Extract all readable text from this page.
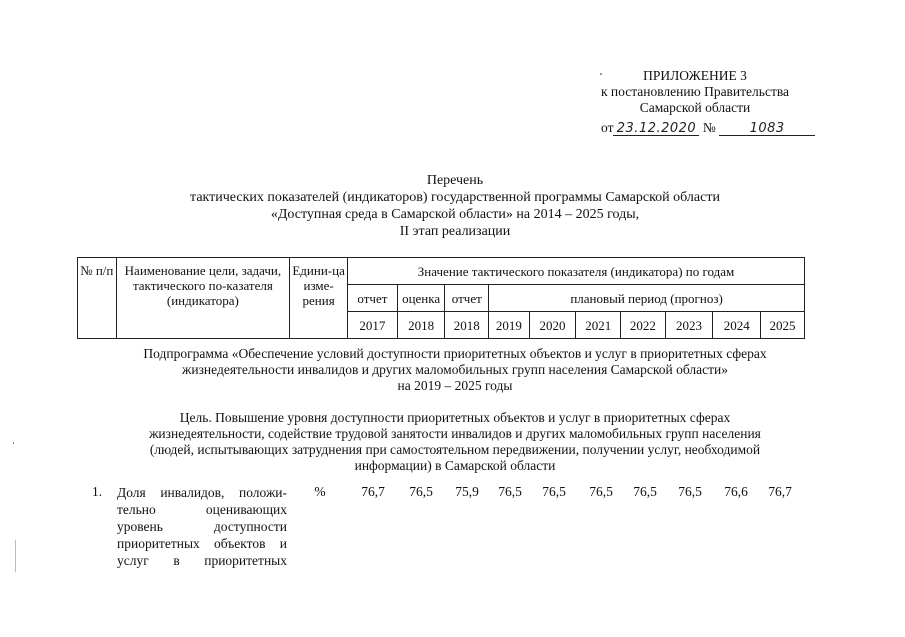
ПРИЛОЖЕНИЕ 3
к постановлению Правительства
Самарской области
от 23.12.2020 №	1083
Перечень
тактических показателей (индикаторов) государственной программы Самарской области
«Доступная среда в Самарской области» на 2014 – 2025 годы,
II этап реализации
№ п/п	Наименование цели, задачи, тактического по-казателя (индикатора)	Едини-ца изме-рения	Значение тактического показателя (индикатора) по годам									
			отчет	оценка	отчет	плановый период (прогноз)						
			2017	2018	2018	2019	2020	2021	2022	2023	2024	2025
Подпрограмма «Обеспечение условий доступности приоритетных объектов и услуг в приоритетных сферах
жизнедеятельности инвалидов и других маломобильных групп населения Самарской области»
на 2019 – 2025 годы
Цель. Повышение уровня доступности приоритетных объектов и услуг в приоритетных сферах
жизнедеятельности, содействие трудовой занятости инвалидов и других маломобильных групп населения
(людей, испытывающих затруднения при самостоятельном передвижении, получении услуг, необходимой
информации) в Самарской области
1. Доля инвалидов, положи-
тельно оценивающих
уровень доступности
приоритетных объектов и
услуг в приоритетных
%	76,7	76,5	75,9	76,5	76,5	76,5	76,5	76,5	76,6	76,7
